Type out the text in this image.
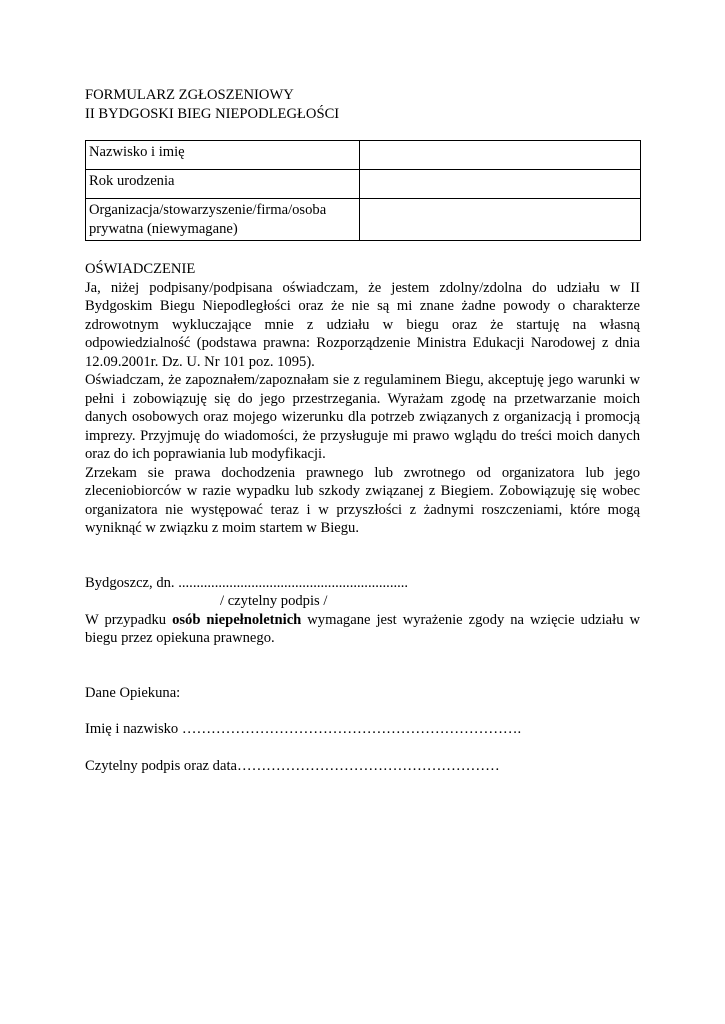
FORMULARZ ZGŁOSZENIOWY
II BYDGOSKI BIEG NIEPODLEGŁOŚCI
Nazwisko i imię	
Rok urodzenia	
Organizacja/stowarzyszenie/firma/osoba prywatna (niewymagane)	
OŚWIADCZENIE

Ja, niżej podpisany/podpisana oświadczam, że jestem zdolny/zdolna do udziału w II Bydgoskim Biegu Niepodległości oraz że nie są mi znane żadne powody o charakterze zdrowotnym wykluczające mnie z udziału w biegu oraz że startuję na własną odpowiedzialność (podstawa prawna: Rozporządzenie Ministra Edukacji Narodowej z dnia 12.09.2001r. Dz. U. Nr 101 poz. 1095).

Oświadczam, że zapoznałem/zapoznałam sie z regulaminem Biegu, akceptuję jego warunki w pełni i zobowiązuję się do jego przestrzegania. Wyrażam zgodę na przetwarzanie moich danych osobowych oraz mojego wizerunku dla potrzeb związanych z organizacją i promocją imprezy. Przyjmuję do wiadomości, że przysługuje mi prawo wglądu do treści moich danych oraz do ich poprawiania lub modyfikacji.

Zrzekam sie prawa dochodzenia prawnego lub zwrotnego od organizatora lub jego zleceniobiorców w razie wypadku lub szkody związanej z Biegiem. Zobowiązuję się wobec organizatora nie występować teraz i w przyszłości z żadnymi roszczeniami, które mogą wyniknąć w związku z moim startem w Biegu.

Bydgoszcz, dn. ...............................................................
/ czytelny podpis /

W przypadku osób niepełnoletnich wymagane jest wyrażenie zgody na wzięcie udziału w biegu przez opiekuna prawnego.

Dane Opiekuna:
Imię i nazwisko …………………………………………………………….
Czytelny podpis oraz data………………………………………………
